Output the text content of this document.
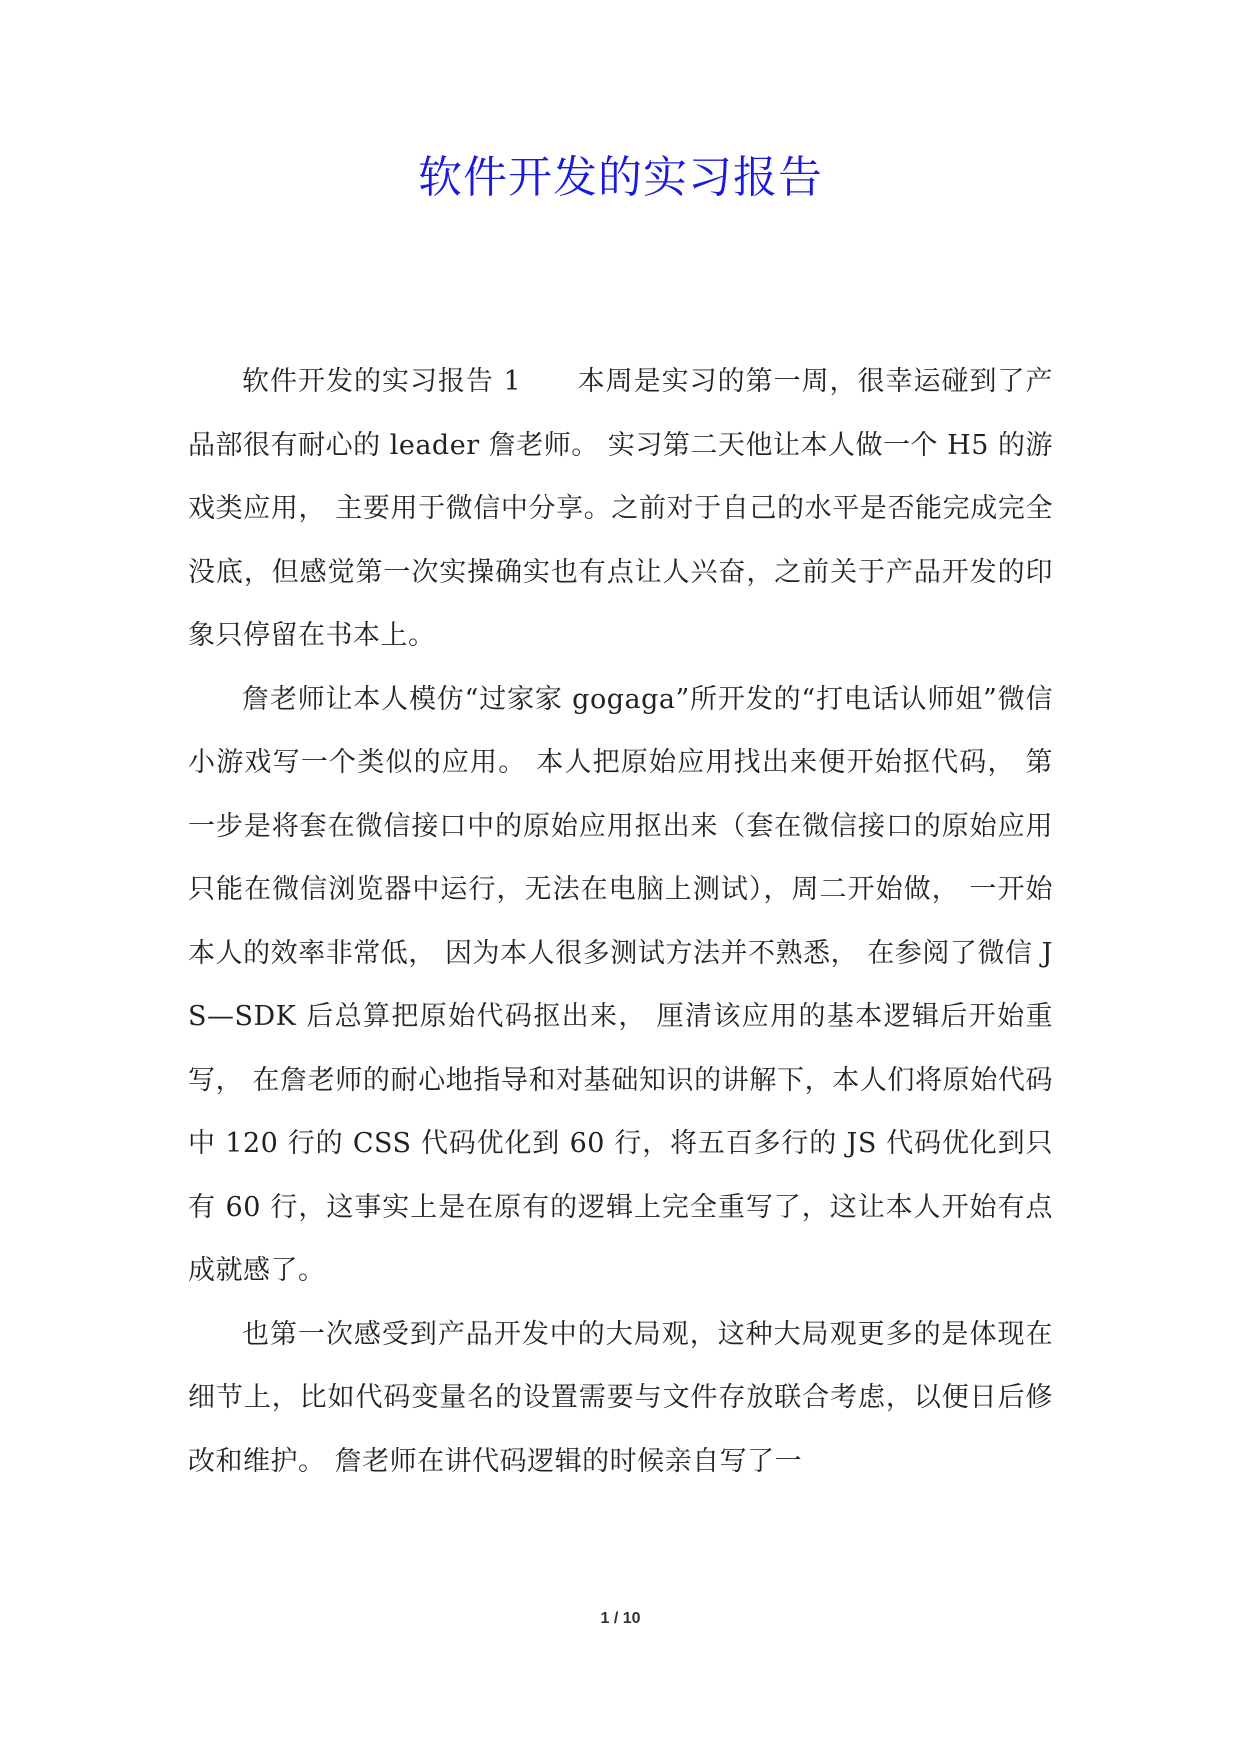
软件开发的实习报告

软件开发的实习报告 1　　本周是实习的第一周，很幸运碰到了产品部很有耐心的 leader 詹老师。 实习第二天他让本人做一个 H5 的游戏类应用， 主要用于微信中分享。之前对于自己的水平是否能完成完全没底，但感觉第一次实操确实也有点让人兴奋，之前关于产品开发的印象只停留在书本上。

詹老师让本人模仿“过家家 gogaga”所开发的“打电话认师姐”微信小游戏写一个类似的应用。 本人把原始应用找出来便开始抠代码， 第一步是将套在微信接口中的原始应用抠出来（套在微信接口的原始应用只能在微信浏览器中运行，无法在电脑上测试），周二开始做， 一开始本人的效率非常低， 因为本人很多测试方法并不熟悉， 在参阅了微信 JS—SDK 后总算把原始代码抠出来， 厘清该应用的基本逻辑后开始重写， 在詹老师的耐心地指导和对基础知识的讲解下，本人们将原始代码中 120 行的 CSS 代码优化到 60 行，将五百多行的 JS 代码优化到只有 60 行，这事实上是在原有的逻辑上完全重写了，这让本人开始有点成就感了。

也第一次感受到产品开发中的大局观，这种大局观更多的是体现在细节上，比如代码变量名的设置需要与文件存放联合考虑，以便日后修改和维护。 詹老师在讲代码逻辑的时候亲自写了一

1 / 10
